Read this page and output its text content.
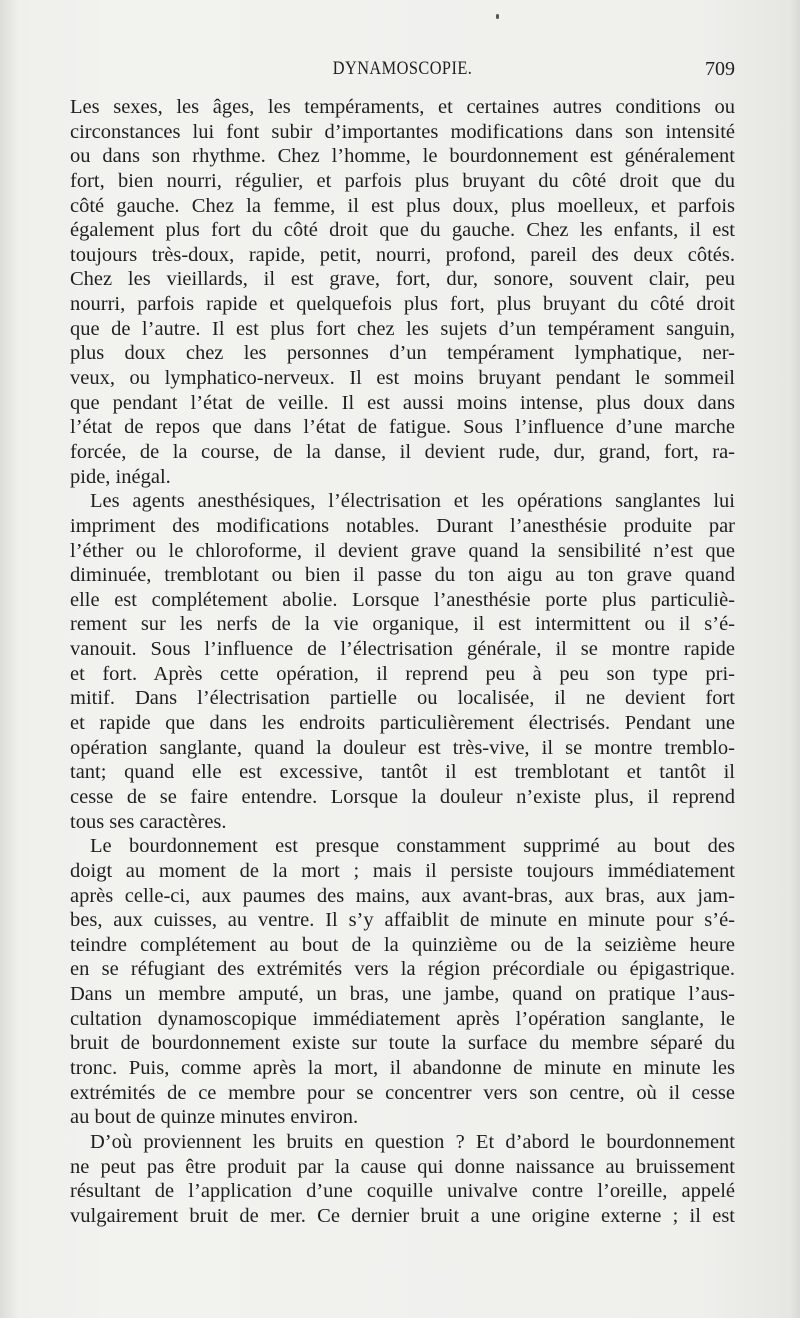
DYNAMOSCOPIE.	709
Les sexes, les âges, les tempéraments, et certaines autres conditions ou
circonstances lui font subir d’importantes modifications dans son intensité
ou dans son rhythme. Chez l’homme, le bourdonnement est généralement
fort, bien nourri, régulier, et parfois plus bruyant du côté droit que du
côté gauche. Chez la femme, il est plus doux, plus moelleux, et parfois
également plus fort du côté droit que du gauche. Chez les enfants, il est
toujours très-doux, rapide, petit, nourri, profond, pareil des deux côtés.
Chez les vieillards, il est grave, fort, dur, sonore, souvent clair, peu
nourri, parfois rapide et quelquefois plus fort, plus bruyant du côté droit
que de l’autre. Il est plus fort chez les sujets d’un tempérament sanguin,
plus doux chez les personnes d’un tempérament lymphatique, ner-
veux, ou lymphatico-nerveux. Il est moins bruyant pendant le sommeil
que pendant l’état de veille. Il est aussi moins intense, plus doux dans
l’état de repos que dans l’état de fatigue. Sous l’influence d’une marche
forcée, de la course, de la danse, il devient rude, dur, grand, fort, ra-
pide, inégal.
Les agents anesthésiques, l’électrisation et les opérations sanglantes lui
impriment des modifications notables. Durant l’anesthésie produite par
l’éther ou le chloroforme, il devient grave quand la sensibilité n’est que
diminuée, tremblotant ou bien il passe du ton aigu au ton grave quand
elle est complétement abolie. Lorsque l’anesthésie porte plus particuliè-
rement sur les nerfs de la vie organique, il est intermittent ou il s’é-
vanouit. Sous l’influence de l’électrisation générale, il se montre rapide
et fort. Après cette opération, il reprend peu à peu son type pri-
mitif. Dans l’électrisation partielle ou localisée, il ne devient fort
et rapide que dans les endroits particulièrement électrisés. Pendant une
opération sanglante, quand la douleur est très-vive, il se montre tremblo-
tant; quand elle est excessive, tantôt il est tremblotant et tantôt il
cesse de se faire entendre. Lorsque la douleur n’existe plus, il reprend
tous ses caractères.
Le bourdonnement est presque constamment supprimé au bout des
doigt au moment de la mort ; mais il persiste toujours immédiatement
après celle-ci, aux paumes des mains, aux avant-bras, aux bras, aux jam-
bes, aux cuisses, au ventre. Il s’y affaiblit de minute en minute pour s’é-
teindre complétement au bout de la quinzième ou de la seizième heure
en se réfugiant des extrémités vers la région précordiale ou épigastrique.
Dans un membre amputé, un bras, une jambe, quand on pratique l’aus-
cultation dynamoscopique immédiatement après l’opération sanglante, le
bruit de bourdonnement existe sur toute la surface du membre séparé du
tronc. Puis, comme après la mort, il abandonne de minute en minute les
extrémités de ce membre pour se concentrer vers son centre, où il cesse
au bout de quinze minutes environ.
D’où proviennent les bruits en question ? Et d’abord le bourdonnement
ne peut pas être produit par la cause qui donne naissance au bruissement
résultant de l’application d’une coquille univalve contre l’oreille, appelé
vulgairement bruit de mer. Ce dernier bruit a une origine externe ; il est
